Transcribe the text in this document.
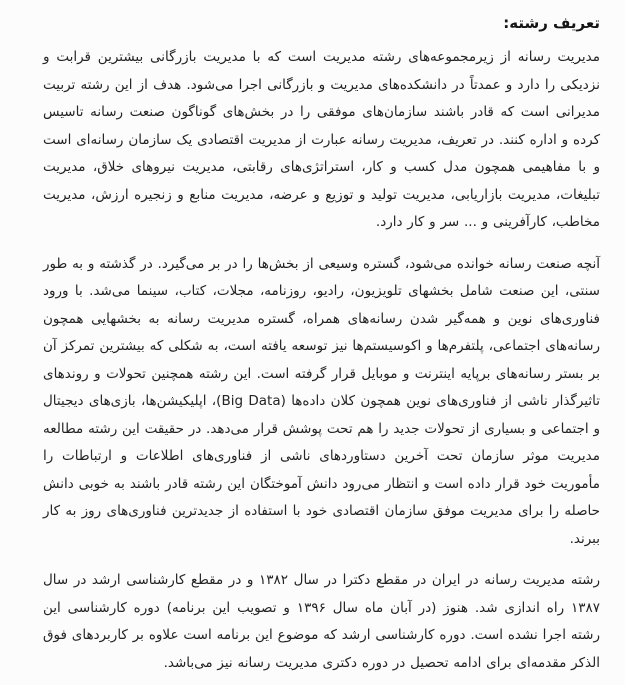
تعریف رشته:

مدیریت رسانه از زیرمجموعه‌های رشته مدیریت است که با مدیریت بازرگانی بیشترین قرابت و نزدیکی را دارد و عمدتاً در دانشکده‌های مدیریت و بازرگانی اجرا می‌شود. هدف از این رشته تربیت مدیرانی است که قادر باشند سازمان‌های موفقی را در بخش‌های گوناگون صنعت رسانه تاسیس کرده و اداره کنند. در تعریف، مدیریت رسانه عبارت از مدیریت اقتصادی یک سازمان رسانه‌ای است و با مفاهیمی همچون مدل کسب و کار، استراتژی‌های رقابتی، مدیریت نیروهای خلاق، مدیریت تبلیغات، مدیریت بازاریابی، مدیریت تولید و توزیع و عرضه، مدیریت منابع و زنجیره ارزش، مدیریت مخاطب، کارآفرینی و ... سر و کار دارد.

آنچه صنعت رسانه خوانده می‌شود، گستره وسیعی از بخش‌ها را در بر می‌گیرد. در گذشته و به طور سنتی، این صنعت شامل بخشهای تلویزیون، رادیو، روزنامه، مجلات، کتاب، سینما می‌شد. با ورود فناوری‌های نوین و همه‌گیر شدن رسانه‌های همراه، گستره مدیریت رسانه به بخشهایی همچون رسانه‌های اجتماعی، پلتفرم‌ها و اکوسیستم‌ها نیز توسعه یافته است، به شکلی که بیشترین تمرکز آن بر بستر رسانه‌های برپایه اینترنت و موبایل قرار گرفته است. این رشته همچنین تحولات و روندهای تاثیرگذار ناشی از فناوری‌های نوین همچون کلان داده‌ها (Big Data)، اپلیکیشن‌ها، بازی‌های دیجیتال و اجتماعی و بسیاری از تحولات جدید را هم تحت پوشش قرار می‌دهد. در حقیقت این رشته مطالعه مدیریت موثر سازمان تحت آخرین دستاوردهای ناشی از فناوری‌های اطلاعات و ارتباطات را مأموریت خود قرار داده است و انتظار می‌رود دانش آموختگان این رشته قادر باشند به خوبی دانش حاصله را برای مدیریت موفق سازمان اقتصادی خود با استفاده از جدیدترین فناوری‌های روز به کار ببرند.

رشته مدیریت رسانه در ایران در مقطع دکترا در سال ۱۳۸۲ و در مقطع کارشناسی ارشد در سال ۱۳۸۷ راه اندازی شد. هنوز (در آبان ماه سال ۱۳۹۶ و تصویب این برنامه) دوره کارشناسی این رشته اجرا نشده است. دوره کارشناسی ارشد که موضوع این برنامه است علاوه بر کاربردهای فوق الذکر مقدمه‌ای برای ادامه تحصیل در دوره دکتری مدیریت رسانه نیز می‌باشد.
